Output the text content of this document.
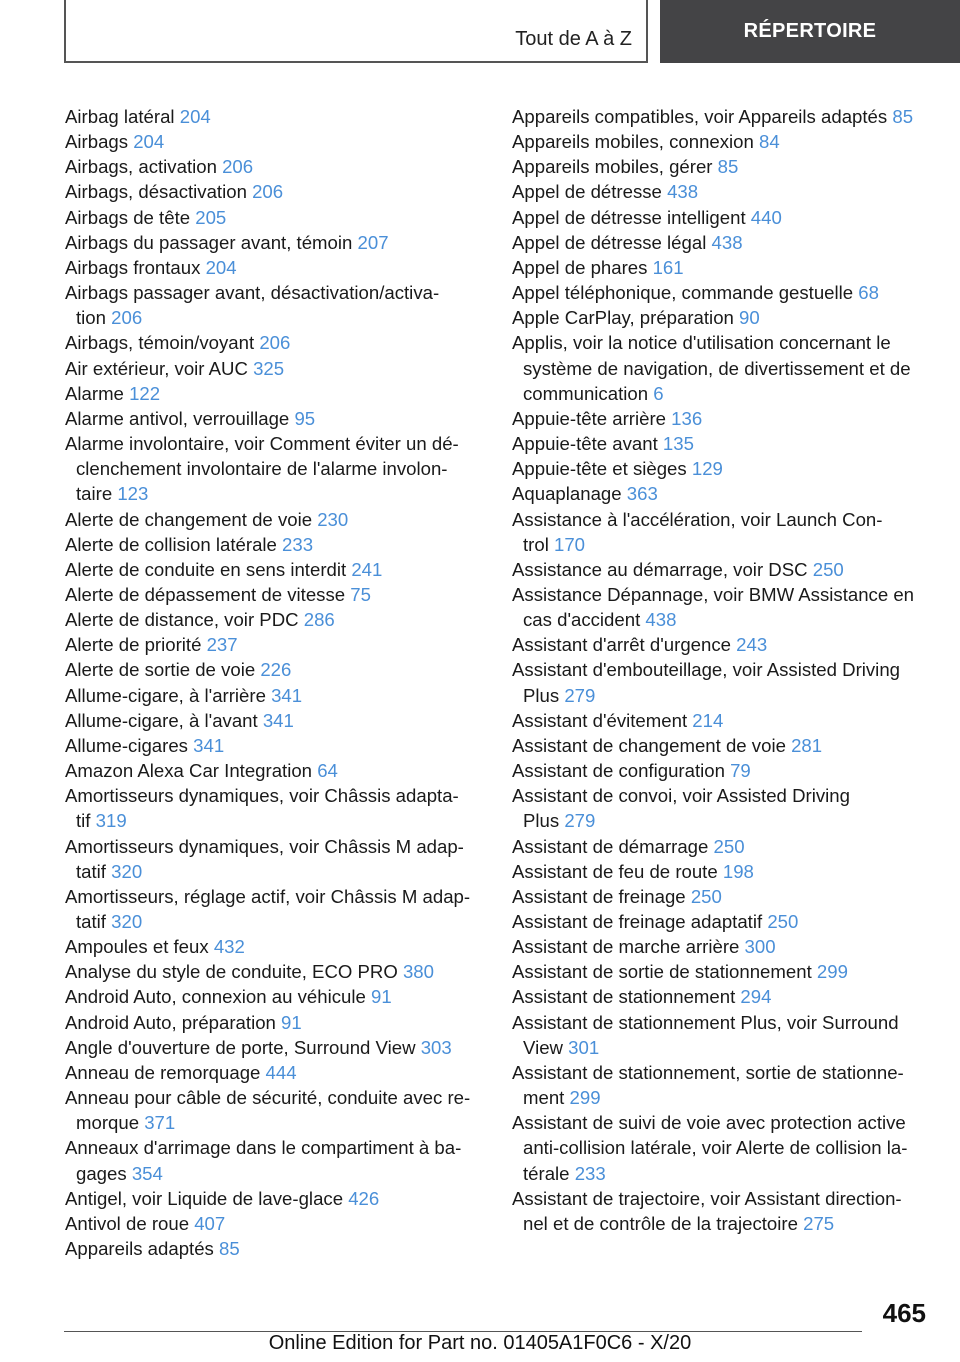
Tout de A à Z	RÉPERTOIRE
Airbag latéral 204
Airbags 204
Airbags, activation 206
Airbags, désactivation 206
Airbags de tête 205
Airbags du passager avant, témoin 207
Airbags frontaux 204
Airbags passager avant, désactivation/activa-
tion 206
Airbags, témoin/voyant 206
Air extérieur, voir AUC 325
Alarme 122
Alarme antivol, verrouillage 95
Alarme involontaire, voir Comment éviter un dé-
clenchement involontaire de l'alarme involon-
taire 123
Alerte de changement de voie 230
Alerte de collision latérale 233
Alerte de conduite en sens interdit 241
Alerte de dépassement de vitesse 75
Alerte de distance, voir PDC 286
Alerte de priorité 237
Alerte de sortie de voie 226
Allume-cigare, à l'arrière 341
Allume-cigare, à l'avant 341
Allume-cigares 341
Amazon Alexa Car Integration 64
Amortisseurs dynamiques, voir Châssis adapta-
tif 319
Amortisseurs dynamiques, voir Châssis M adap-
tatif 320
Amortisseurs, réglage actif, voir Châssis M adap-
tatif 320
Ampoules et feux 432
Analyse du style de conduite, ECO PRO 380
Android Auto, connexion au véhicule 91
Android Auto, préparation 91
Angle d'ouverture de porte, Surround View 303
Anneau de remorquage 444
Anneau pour câble de sécurité, conduite avec re-
morque 371
Anneaux d'arrimage dans le compartiment à ba-
gages 354
Antigel, voir Liquide de lave-glace 426
Antivol de roue 407
Appareils adaptés 85
Appareils compatibles, voir Appareils adaptés 85
Appareils mobiles, connexion 84
Appareils mobiles, gérer 85
Appel de détresse 438
Appel de détresse intelligent 440
Appel de détresse légal 438
Appel de phares 161
Appel téléphonique, commande gestuelle 68
Apple CarPlay, préparation 90
Applis, voir la notice d'utilisation concernant le
système de navigation, de divertissement et de
communication 6
Appuie-tête arrière 136
Appuie-tête avant 135
Appuie-tête et sièges 129
Aquaplanage 363
Assistance à l'accélération, voir Launch Con-
trol 170
Assistance au démarrage, voir DSC 250
Assistance Dépannage, voir BMW Assistance en
cas d'accident 438
Assistant d'arrêt d'urgence 243
Assistant d'embouteillage, voir Assisted Driving
Plus 279
Assistant d'évitement 214
Assistant de changement de voie 281
Assistant de configuration 79
Assistant de convoi, voir Assisted Driving
Plus 279
Assistant de démarrage 250
Assistant de feu de route 198
Assistant de freinage 250
Assistant de freinage adaptatif 250
Assistant de marche arrière 300
Assistant de sortie de stationnement 299
Assistant de stationnement 294
Assistant de stationnement Plus, voir Surround
View 301
Assistant de stationnement, sortie de stationne-
ment 299
Assistant de suivi de voie avec protection active
anti-collision latérale, voir Alerte de collision la-
térale 233
Assistant de trajectoire, voir Assistant direction-
nel et de contrôle de la trajectoire 275
465
Online Edition for Part no. 01405A1F0C6 - X/20
